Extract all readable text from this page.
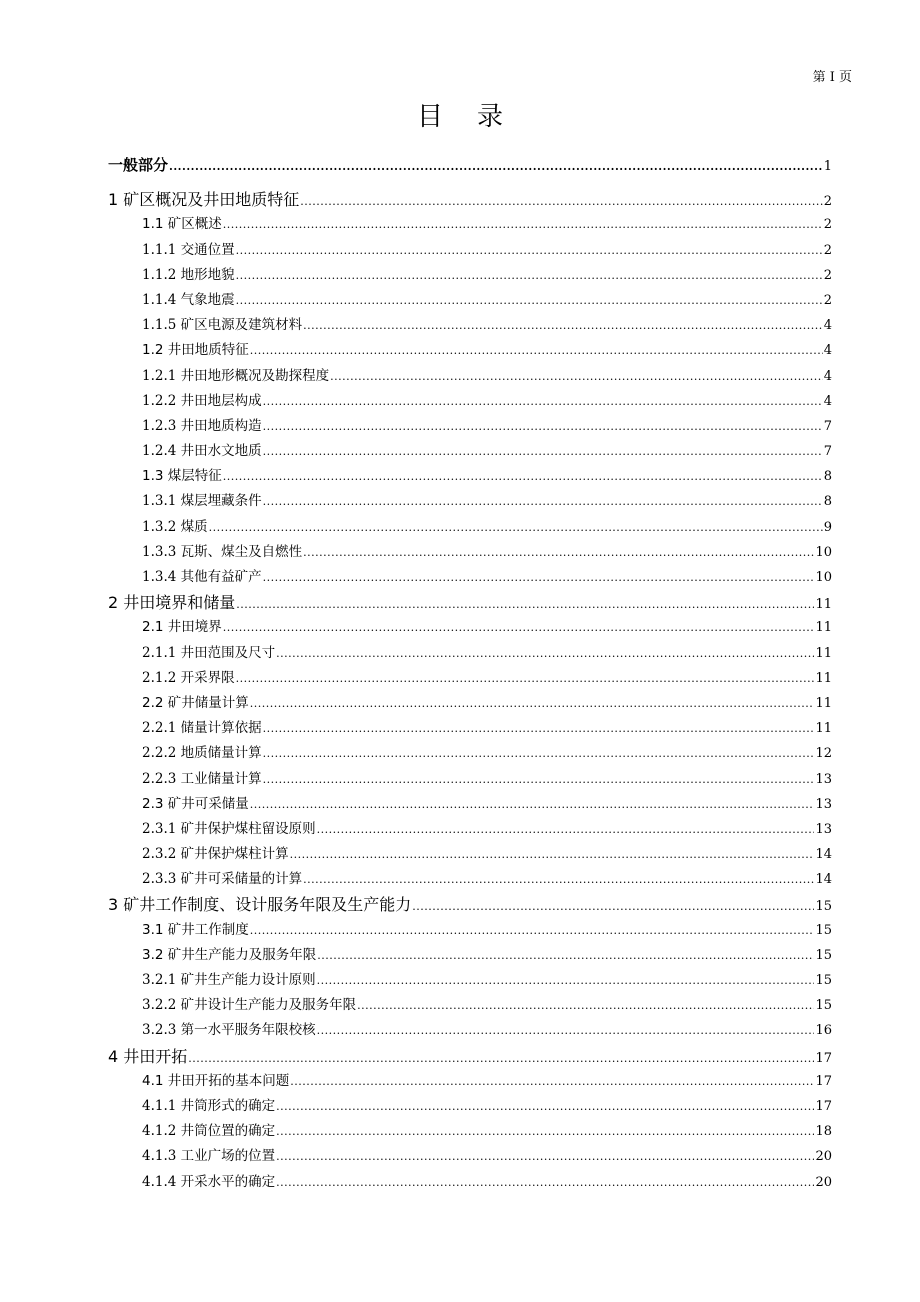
第 I 页
目录
一般部分 .....	1
1 矿区概况及井田地质特征 .....	2
1.1 矿区概述 .....	2
1.1.1 交通位置 .....	2
1.1.2 地形地貌 .....	2
1.1.4 气象地震 .....	2
1.1.5 矿区电源及建筑材料 .....	4
1.2 井田地质特征 .....	4
1.2.1 井田地形概况及勘探程度 .....	4
1.2.2 井田地层构成 .....	4
1.2.3 井田地质构造 .....	7
1.2.4 井田水文地质 .....	7
1.3 煤层特征 .....	8
1.3.1 煤层埋藏条件 .....	8
1.3.2 煤质 .....	9
1.3.3 瓦斯、煤尘及自燃性 .....	10
1.3.4 其他有益矿产 .....	10
2 井田境界和储量 .....	11
2.1 井田境界 .....	11
2.1.1 井田范围及尺寸 .....	11
2.1.2 开采界限 .....	11
2.2 矿井储量计算 .....	11
2.2.1 储量计算依据 .....	11
2.2.2 地质储量计算 .....	12
2.2.3 工业储量计算 .....	13
2.3 矿井可采储量 .....	13
2.3.1 矿井保护煤柱留设原则 .....	13
2.3.2 矿井保护煤柱计算 .....	14
2.3.3 矿井可采储量的计算 .....	14
3 矿井工作制度、设计服务年限及生产能力 .....	15
3.1 矿井工作制度 .....	15
3.2 矿井生产能力及服务年限 .....	15
3.2.1 矿井生产能力设计原则 .....	15
3.2.2 矿井设计生产能力及服务年限 .....	15
3.2.3 第一水平服务年限校核 .....	16
4 井田开拓 .....	17
4.1 井田开拓的基本问题 .....	17
4.1.1 井筒形式的确定 .....	17
4.1.2 井筒位置的确定 .....	18
4.1.3 工业广场的位置 .....	20
4.1.4 开采水平的确定 .....	20
